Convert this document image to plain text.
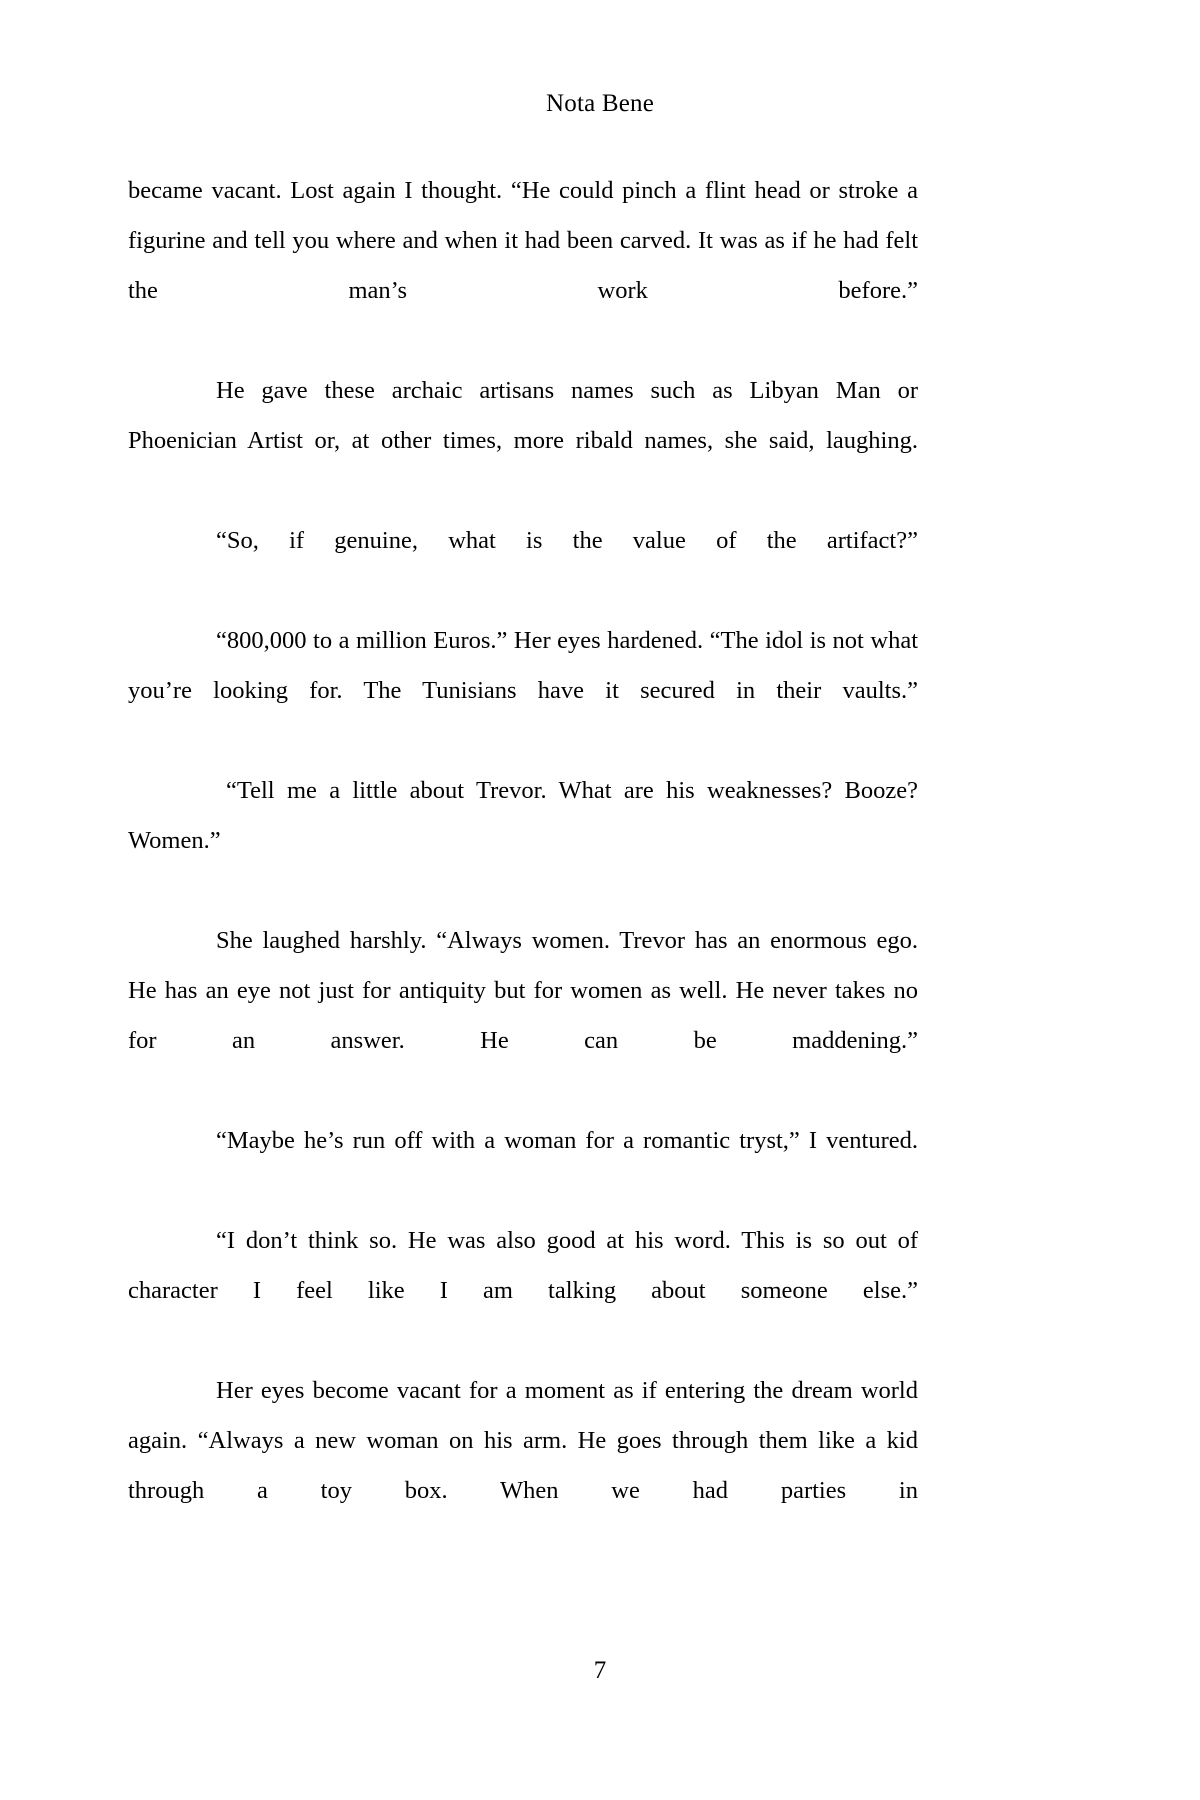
Nota Bene

became vacant. Lost again I thought. “He could pinch a flint head or stroke a figurine and tell you where and when it had been carved. It was as if he had felt the man’s work before.”

He gave these archaic artisans names such as Libyan Man or Phoenician Artist or, at other times, more ribald names, she said, laughing.

“So, if genuine, what is the value of the artifact?”

“800,000 to a million Euros.” Her eyes hardened. “The idol is not what you’re looking for. The Tunisians have it secured in their vaults.”

“Tell me a little about Trevor. What are his weaknesses? Booze? Women.”

She laughed harshly. “Always women. Trevor has an enormous ego. He has an eye not just for antiquity but for women as well. He never takes no for an answer. He can be maddening.”

“Maybe he’s run off with a woman for a romantic tryst,” I ventured.

“I don’t think so. He was also good at his word. This is so out of character I feel like I am talking about someone else.”

Her eyes become vacant for a moment as if entering the dream world again. “Always a new woman on his arm. He goes through them like a kid through a toy box. When we had parties in

7
